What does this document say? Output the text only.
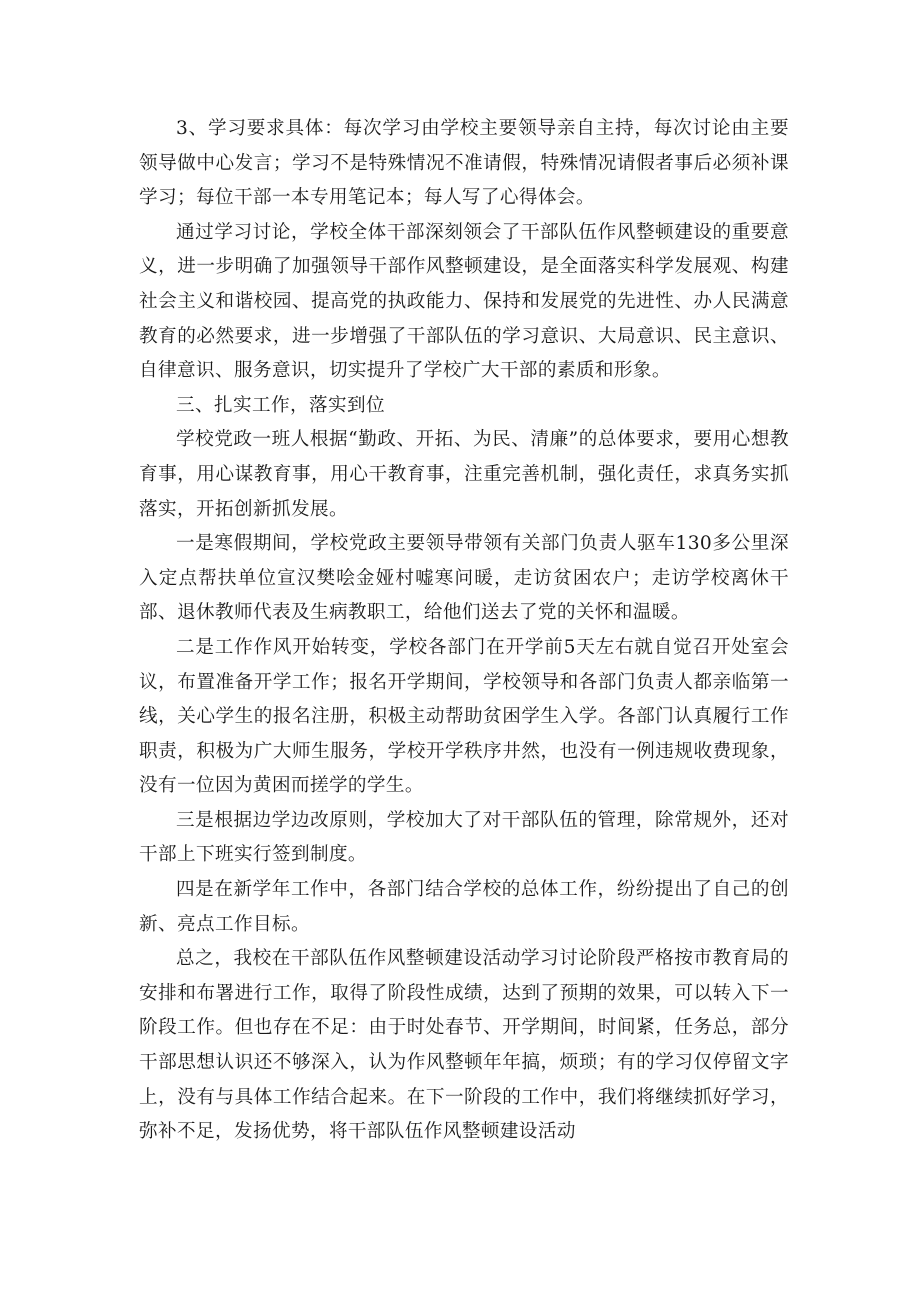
3、学习要求具体：每次学习由学校主要领导亲自主持，每次讨论由主要领导做中心发言；学习不是特殊情况不准请假，特殊情况请假者事后必须补课学习；每位干部一本专用笔记本；每人写了心得体会。

通过学习讨论，学校全体干部深刻领会了干部队伍作风整顿建设的重要意义，进一步明确了加强领导干部作风整顿建设，是全面落实科学发展观、构建社会主义和谐校园、提高党的执政能力、保持和发展党的先进性、办人民满意教育的必然要求，进一步增强了干部队伍的学习意识、大局意识、民主意识、自律意识、服务意识，切实提升了学校广大干部的素质和形象。

三、扎实工作，落实到位

学校党政一班人根据“勤政、开拓、为民、清廉”的总体要求，要用心想教育事，用心谋教育事，用心干教育事，注重完善机制，强化责任，求真务实抓落实，开拓创新抓发展。

一是寒假期间，学校党政主要领导带领有关部门负责人驱车130多公里深入定点帮扶单位宣汉樊哙金娅村嘘寒问暖，走访贫困农户；走访学校离休干部、退休教师代表及生病教职工，给他们送去了党的关怀和温暖。

二是工作作风开始转变，学校各部门在开学前5天左右就自觉召开处室会议，布置准备开学工作；报名开学期间，学校领导和各部门负责人都亲临第一线，关心学生的报名注册，积极主动帮助贫困学生入学。各部门认真履行工作职责，积极为广大师生服务，学校开学秩序井然，也没有一例违规收费现象，没有一位因为黄困而搓学的学生。

三是根据边学边改原则，学校加大了对干部队伍的管理，除常规外，还对干部上下班实行签到制度。

四是在新学年工作中，各部门结合学校的总体工作，纷纷提出了自己的创新、亮点工作目标。

总之，我校在干部队伍作风整顿建设活动学习讨论阶段严格按市教育局的安排和布署进行工作，取得了阶段性成绩，达到了预期的效果，可以转入下一阶段工作。但也存在不足：由于时处春节、开学期间，时间紧，任务总，部分干部思想认识还不够深入，认为作风整顿年年搞，烦琐；有的学习仅停留文字上，没有与具体工作结合起来。在下一阶段的工作中，我们将继续抓好学习，弥补不足，发扬优势，将干部队伍作风整顿建设活动
